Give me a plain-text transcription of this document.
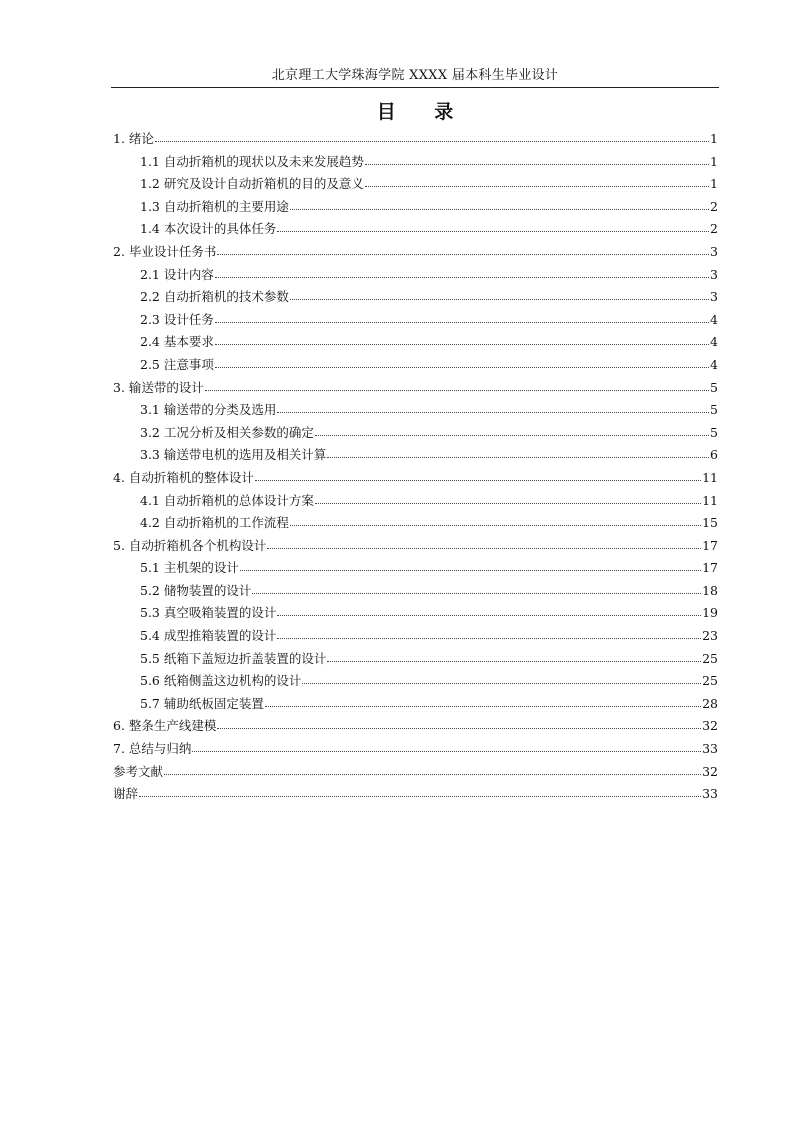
北京理工大学珠海学院 XXXX 届本科生毕业设计
目 录
1. 绪论	1
1.1 自动折箱机的现状以及未来发展趋势	1
1.2 研究及设计自动折箱机的目的及意义	1
1.3 自动折箱机的主要用途	2
1.4 本次设计的具体任务	2
2. 毕业设计任务书	3
2.1 设计内容	3
2.2 自动折箱机的技术参数	3
2.3 设计任务	4
2.4 基本要求	4
2.5 注意事项	4
3. 输送带的设计	5
3.1 输送带的分类及选用	5
3.2 工况分析及相关参数的确定	5
3.3 输送带电机的选用及相关计算	6
4. 自动折箱机的整体设计	11
4.1 自动折箱机的总体设计方案	11
4.2 自动折箱机的工作流程	15
5. 自动折箱机各个机构设计	17
5.1 主机架的设计	17
5.2 储物装置的设计	18
5.3 真空吸箱装置的设计	19
5.4 成型推箱装置的设计	23
5.5 纸箱下盖短边折盖装置的设计	25
5.6 纸箱侧盖这边机构的设计	25
5.7 辅助纸板固定装置	28
6. 整条生产线建模	32
7. 总结与归纳	33
参考文献	32
谢辞	33
